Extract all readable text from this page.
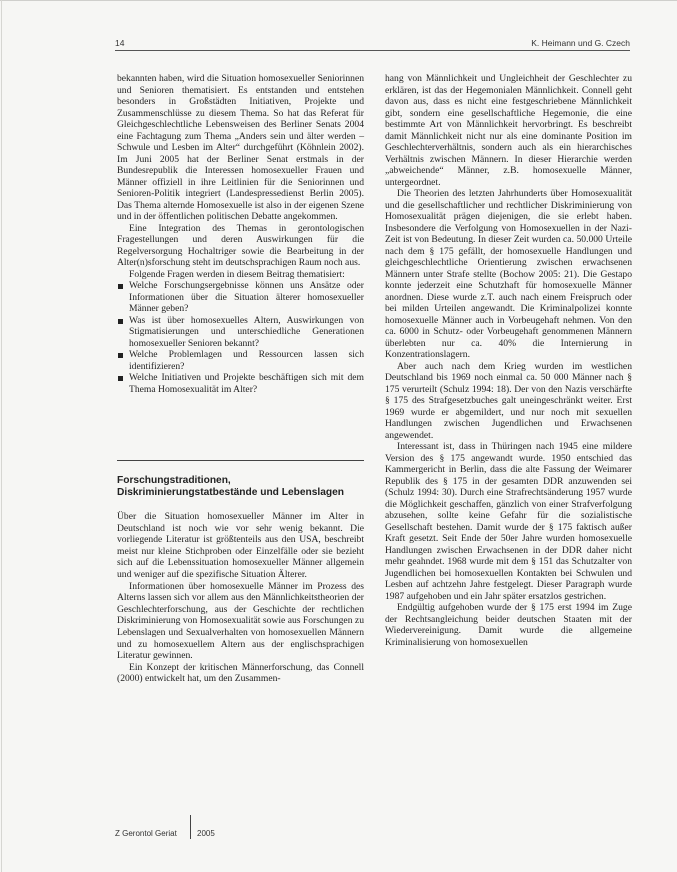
14	K. Heimann und G. Czech

bekannten haben, wird die Situation homosexueller Seniorinnen und Senioren thematisiert. Es entstanden und entstehen besonders in Großstädten Initiativen, Projekte und Zusammenschlüsse zu diesem Thema. So hat das Referat für Gleichgeschlechtliche Lebensweisen des Berliner Senats 2004 eine Fachtagung zum Thema „Anders sein und älter werden – Schwule und Lesben im Alter“ durchgeführt (Köhnlein 2002). Im Juni 2005 hat der Berliner Senat erstmals in der Bundesrepublik die Interessen homosexueller Frauen und Männer offiziell in ihre Leitlinien für die Seniorinnen und Senioren-Politik integriert (Landespressedienst Berlin 2005). Das Thema alternde Homosexuelle ist also in der eigenen Szene und in der öffentlichen politischen Debatte angekommen.

Eine Integration des Themas in gerontologischen Fragestellungen und deren Auswirkungen für die Regelversorgung Hochaltriger sowie die Bearbeitung in der Alter(n)sforschung steht im deutschsprachigen Raum noch aus.

Folgende Fragen werden in diesem Beitrag thematisiert:

Welche Forschungsergebnisse können uns Ansätze oder Informationen über die Situation älterer homosexueller Männer geben?
Was ist über homosexuelles Altern, Auswirkungen von Stigmatisierungen und unterschiedliche Generationen homosexueller Senioren bekannt?
Welche Problemlagen und Ressourcen lassen sich identifizieren?
Welche Initiativen und Projekte beschäftigen sich mit dem Thema Homosexualität im Alter?
Forschungstraditionen, Diskriminierungstatbestände und Lebenslagen

Über die Situation homosexueller Männer im Alter in Deutschland ist noch wie vor sehr wenig bekannt. Die vorliegende Literatur ist größtenteils aus den USA, beschreibt meist nur kleine Stichproben oder Einzelfälle oder sie bezieht sich auf die Lebenssituation homosexueller Männer allgemein und weniger auf die spezifische Situation Älterer.

Informationen über homosexuelle Männer im Prozess des Alterns lassen sich vor allem aus den Männlichkeitstheorien der Geschlechterforschung, aus der Geschichte der rechtlichen Diskriminierung von Homosexualität sowie aus Forschungen zu Lebenslagen und Sexualverhalten von homosexuellen Männern und zu homosexuellem Altern aus der englischsprachigen Literatur gewinnen.

Ein Konzept der kritischen Männerforschung, das Connell (2000) entwickelt hat, um den Zusammen-

hang von Männlichkeit und Ungleichheit der Geschlechter zu erklären, ist das der Hegemonialen Männlichkeit. Connell geht davon aus, dass es nicht eine festgeschriebene Männlichkeit gibt, sondern eine gesellschaftliche Hegemonie, die eine bestimmte Art von Männlichkeit hervorbringt. Es beschreibt damit Männlichkeit nicht nur als eine dominante Position im Geschlechterverhältnis, sondern auch als ein hierarchisches Verhältnis zwischen Männern. In dieser Hierarchie werden „abweichende“ Männer, z.B. homosexuelle Männer, untergeordnet.

Die Theorien des letzten Jahrhunderts über Homosexualität und die gesellschaftlicher und rechtlicher Diskriminierung von Homosexualität prägen diejenigen, die sie erlebt haben. Insbesondere die Verfolgung von Homosexuellen in der Nazi-Zeit ist von Bedeutung. In dieser Zeit wurden ca. 50.000 Urteile nach dem § 175 gefällt, der homosexuelle Handlungen und gleichgeschlechtliche Orientierung zwischen erwachsenen Männern unter Strafe stellte (Bochow 2005: 21). Die Gestapo konnte jederzeit eine Schutzhaft für homosexuelle Männer anordnen. Diese wurde z.T. auch nach einem Freispruch oder bei milden Urteilen angewandt. Die Kriminalpolizei konnte homosexuelle Männer auch in Vorbeugehaft nehmen. Von den ca. 6000 in Schutz- oder Vorbeugehaft genommenen Männern überlebten nur ca. 40% die Internierung in Konzentrationslagern.

Aber auch nach dem Krieg wurden im westlichen Deutschland bis 1969 noch einmal ca. 50 000 Männer nach § 175 verurteilt (Schulz 1994: 18). Der von den Nazis verschärfte § 175 des Strafgesetzbuches galt uneingeschränkt weiter. Erst 1969 wurde er abgemildert, und nur noch mit sexuellen Handlungen zwischen Jugendlichen und Erwachsenen angewendet.

Interessant ist, dass in Thüringen nach 1945 eine mildere Version des § 175 angewandt wurde. 1950 entschied das Kammergericht in Berlin, dass die alte Fassung der Weimarer Republik des § 175 in der gesamten DDR anzuwenden sei (Schulz 1994: 30). Durch eine Strafrechtsänderung 1957 wurde die Möglichkeit geschaffen, gänzlich von einer Strafverfolgung abzusehen, sollte keine Gefahr für die sozialistische Gesellschaft bestehen. Damit wurde der § 175 faktisch außer Kraft gesetzt. Seit Ende der 50er Jahre wurden homosexuelle Handlungen zwischen Erwachsenen in der DDR daher nicht mehr geahndet. 1968 wurde mit dem § 151 das Schutzalter von Jugendlichen bei homosexuellen Kontakten bei Schwulen und Lesben auf achtzehn Jahre festgelegt. Dieser Paragraph wurde 1987 aufgehoben und ein Jahr später ersatzlos gestrichen.

Endgültig aufgehoben wurde der § 175 erst 1994 im Zuge der Rechtsangleichung beider deutschen Staaten mit der Wiedervereinigung. Damit wurde die allgemeine Kriminalisierung von homosexuellen

Z Gerontol Geriat	2005
